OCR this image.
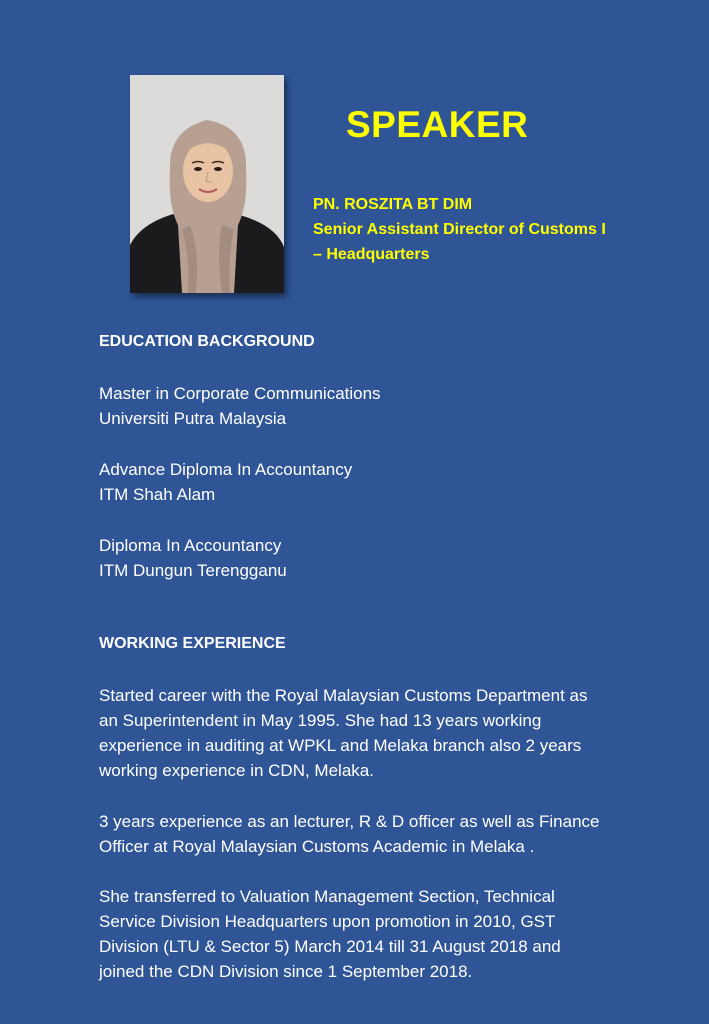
SPEAKER
PN. ROSZITA BT DIM
Senior Assistant Director of Customs I
– Headquarters
EDUCATION BACKGROUND
Master in Corporate Communications
Universiti Putra Malaysia
Advance Diploma In Accountancy
ITM Shah Alam
Diploma In Accountancy
ITM Dungun Terengganu
WORKING EXPERIENCE

Started career with the Royal Malaysian Customs Department as
an Superintendent in May 1995. She had 13 years working
experience in auditing at WPKL and Melaka branch also 2 years
working experience in CDN, Melaka.

3 years experience as an lecturer, R & D officer as well as Finance
Officer at Royal Malaysian Customs Academic in Melaka .

She transferred to Valuation Management Section, Technical
Service Division Headquarters upon promotion in 2010, GST
Division (LTU & Sector 5) March 2014 till 31 August 2018 and
joined the CDN Division since 1 September 2018.
